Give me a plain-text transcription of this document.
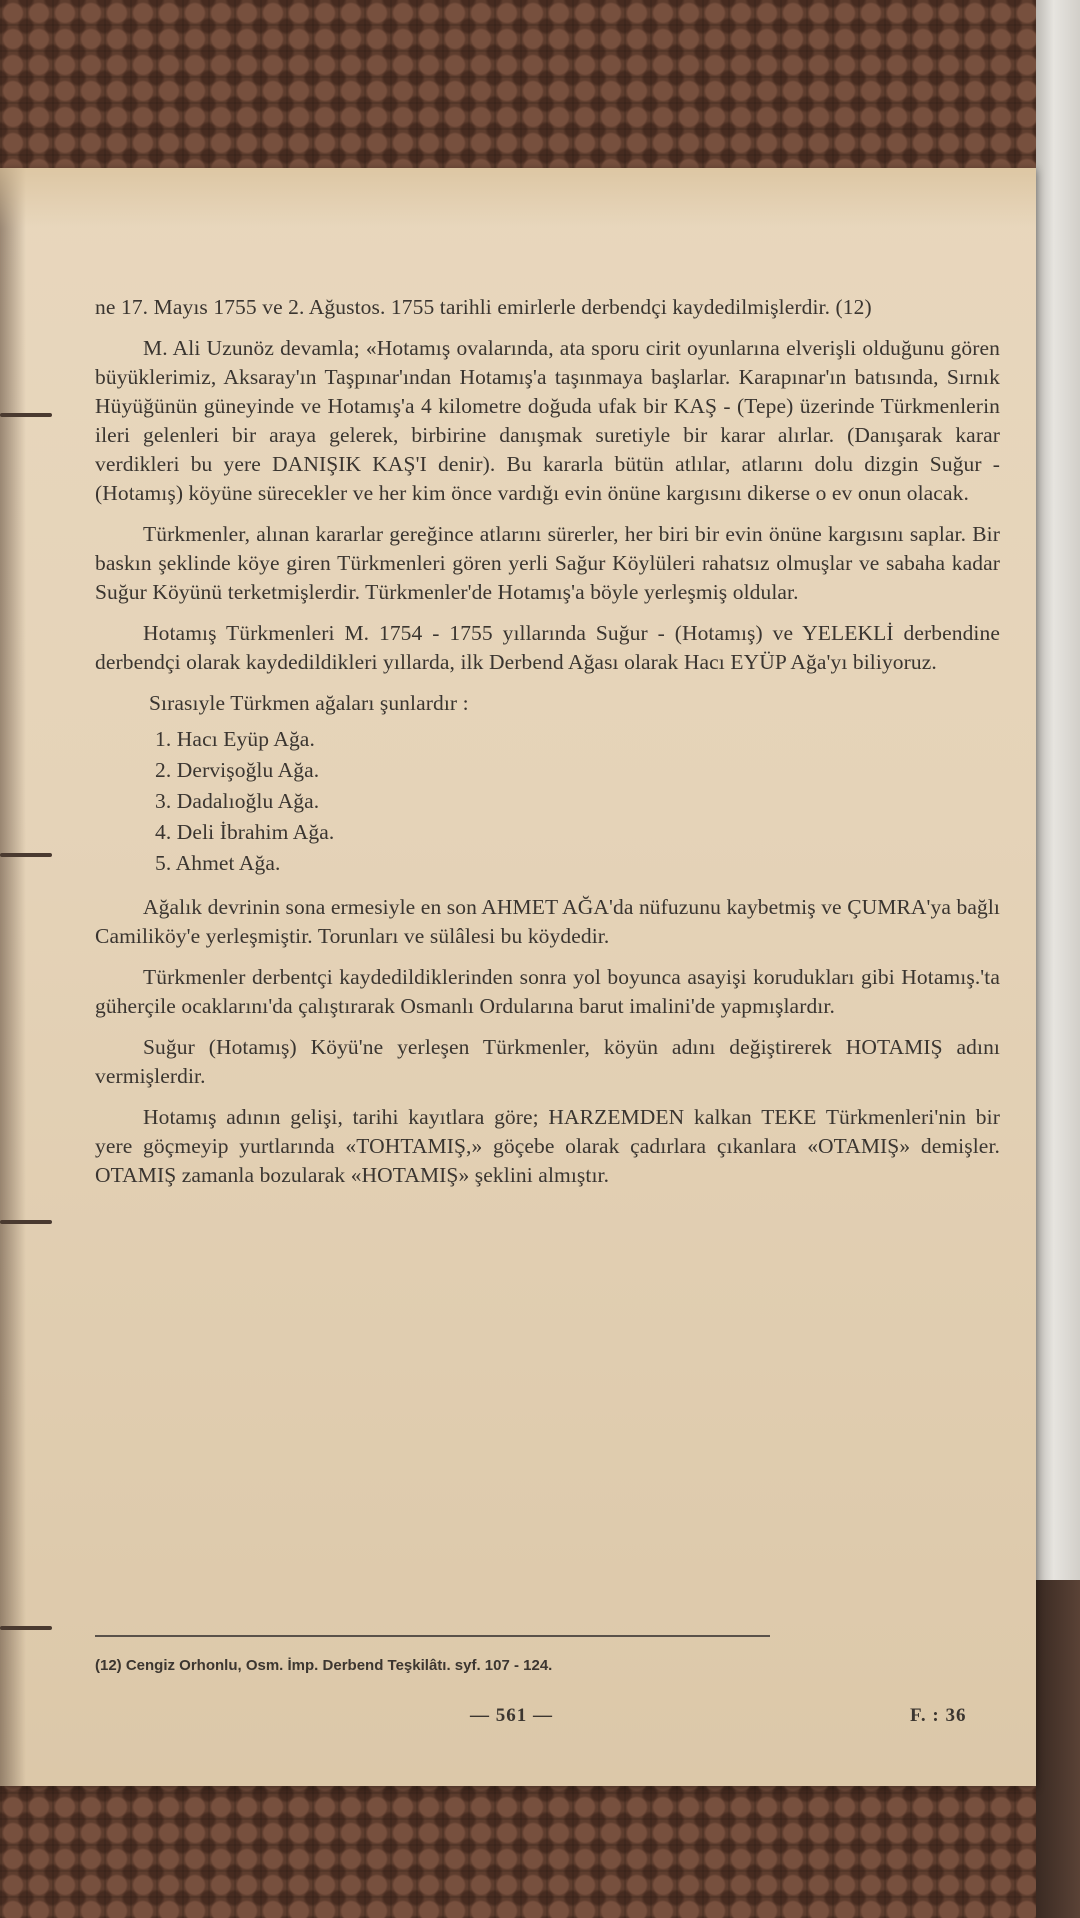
ne 17. Mayıs 1755 ve 2. Ağustos. 1755 tarihli emirlerle derbendçi kaydedilmişlerdir. (12)

M. Ali Uzunöz devamla; «Hotamış ovalarında, ata sporu cirit oyunlarına elverişli olduğunu gören büyüklerimiz, Aksaray'ın Taşpınar'ından Hotamış'a taşınmaya başlarlar. Karapınar'ın batısında, Sırnık Hüyüğünün güneyinde ve Hotamış'a 4 kilometre doğuda ufak bir KAŞ - (Tepe) üzerinde Türkmenlerin ileri gelenleri bir araya gelerek, birbirine danışmak suretiyle bir karar alırlar. (Danışarak karar verdikleri bu yere DANIŞIK KAŞ'I denir). Bu kararla bütün atlılar, atlarını dolu dizgin Suğur - (Hotamış) köyüne sürecekler ve her kim önce vardığı evin önüne kargısını dikerse o ev onun olacak.

Türkmenler, alınan kararlar gereğince atlarını sürerler, her biri bir evin önüne kargısını saplar. Bir baskın şeklinde köye giren Türkmenleri gören yerli Sağur Köylüleri rahatsız olmuşlar ve sabaha kadar Suğur Köyünü terketmişlerdir. Türkmenler'de Hotamış'a böyle yerleşmiş oldular.

Hotamış Türkmenleri M. 1754 - 1755 yıllarında Suğur - (Hotamış) ve YELEKLİ derbendine derbendçi olarak kaydedildikleri yıllarda, ilk Derbend Ağası olarak Hacı EYÜP Ağa'yı biliyoruz.

Sırasıyle Türkmen ağaları şunlardır :

1. Hacı Eyüp Ağa.
2. Dervişoğlu Ağa.
3. Dadalıoğlu Ağa.
4. Deli İbrahim Ağa.
5. Ahmet Ağa.

Ağalık devrinin sona ermesiyle en son AHMET AĞA'da nüfuzunu kaybetmiş ve ÇUMRA'ya bağlı Camiliköy'e yerleşmiştir. Torunları ve sülâlesi bu köydedir.

Türkmenler derbentçi kaydedildiklerinden sonra yol boyunca asayişi korudukları gibi Hotamış.'ta güherçile ocaklarını'da çalıştırarak Osmanlı Ordularına barut imalini'de yapmışlardır.

Suğur (Hotamış) Köyü'ne yerleşen Türkmenler, köyün adını değiştirerek HOTAMIŞ adını vermişlerdir.

Hotamış adının gelişi, tarihi kayıtlara göre; HARZEMDEN kalkan TEKE Türkmenleri'nin bir yere göçmeyip yurtlarında «TOHTAMIŞ,» göçebe olarak çadırlara çıkanlara «OTAMIŞ» demişler. OTAMIŞ zamanla bozularak «HOTAMIŞ» şeklini almıştır.

(12) Cengiz Orhonlu, Osm. İmp. Derbend Teşkilâtı. syf. 107 - 124.
— 561 —	F. : 36
